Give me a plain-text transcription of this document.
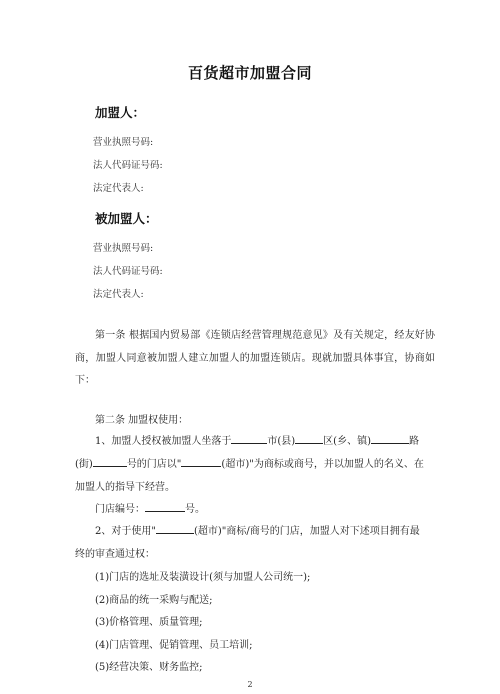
百货超市加盟合同
加盟人：
营业执照号码:
法人代码证号码:
法定代表人:
被加盟人：
营业执照号码:
法人代码证号码:
法定代表人:
第一条 根据国内贸易部《连锁店经营管理规范意见》及有关规定，经友好协商，加盟人同意被加盟人建立加盟人的加盟连锁店。现就加盟具体事宜，协商如下：
第二条 加盟权使用：
1、加盟人授权被加盟人坐落于	市(县)	区(乡、镇)	路
(街)	号的门店以"	(超市)"为商标或商号，并以加盟人的名义、在
加盟人的指导下经营。
门店编号：	号。
2、对于使用"	(超市)"商标/商号的门店，加盟人对下述项目拥有最
终的审查通过权：
(1)门店的选址及装潢设计(须与加盟人公司统一);
(2)商品的统一采购与配送;
(3)价格管理、质量管理;
(4)门店管理、促销管理、员工培训;
(5)经营决策、财务监控;
2
